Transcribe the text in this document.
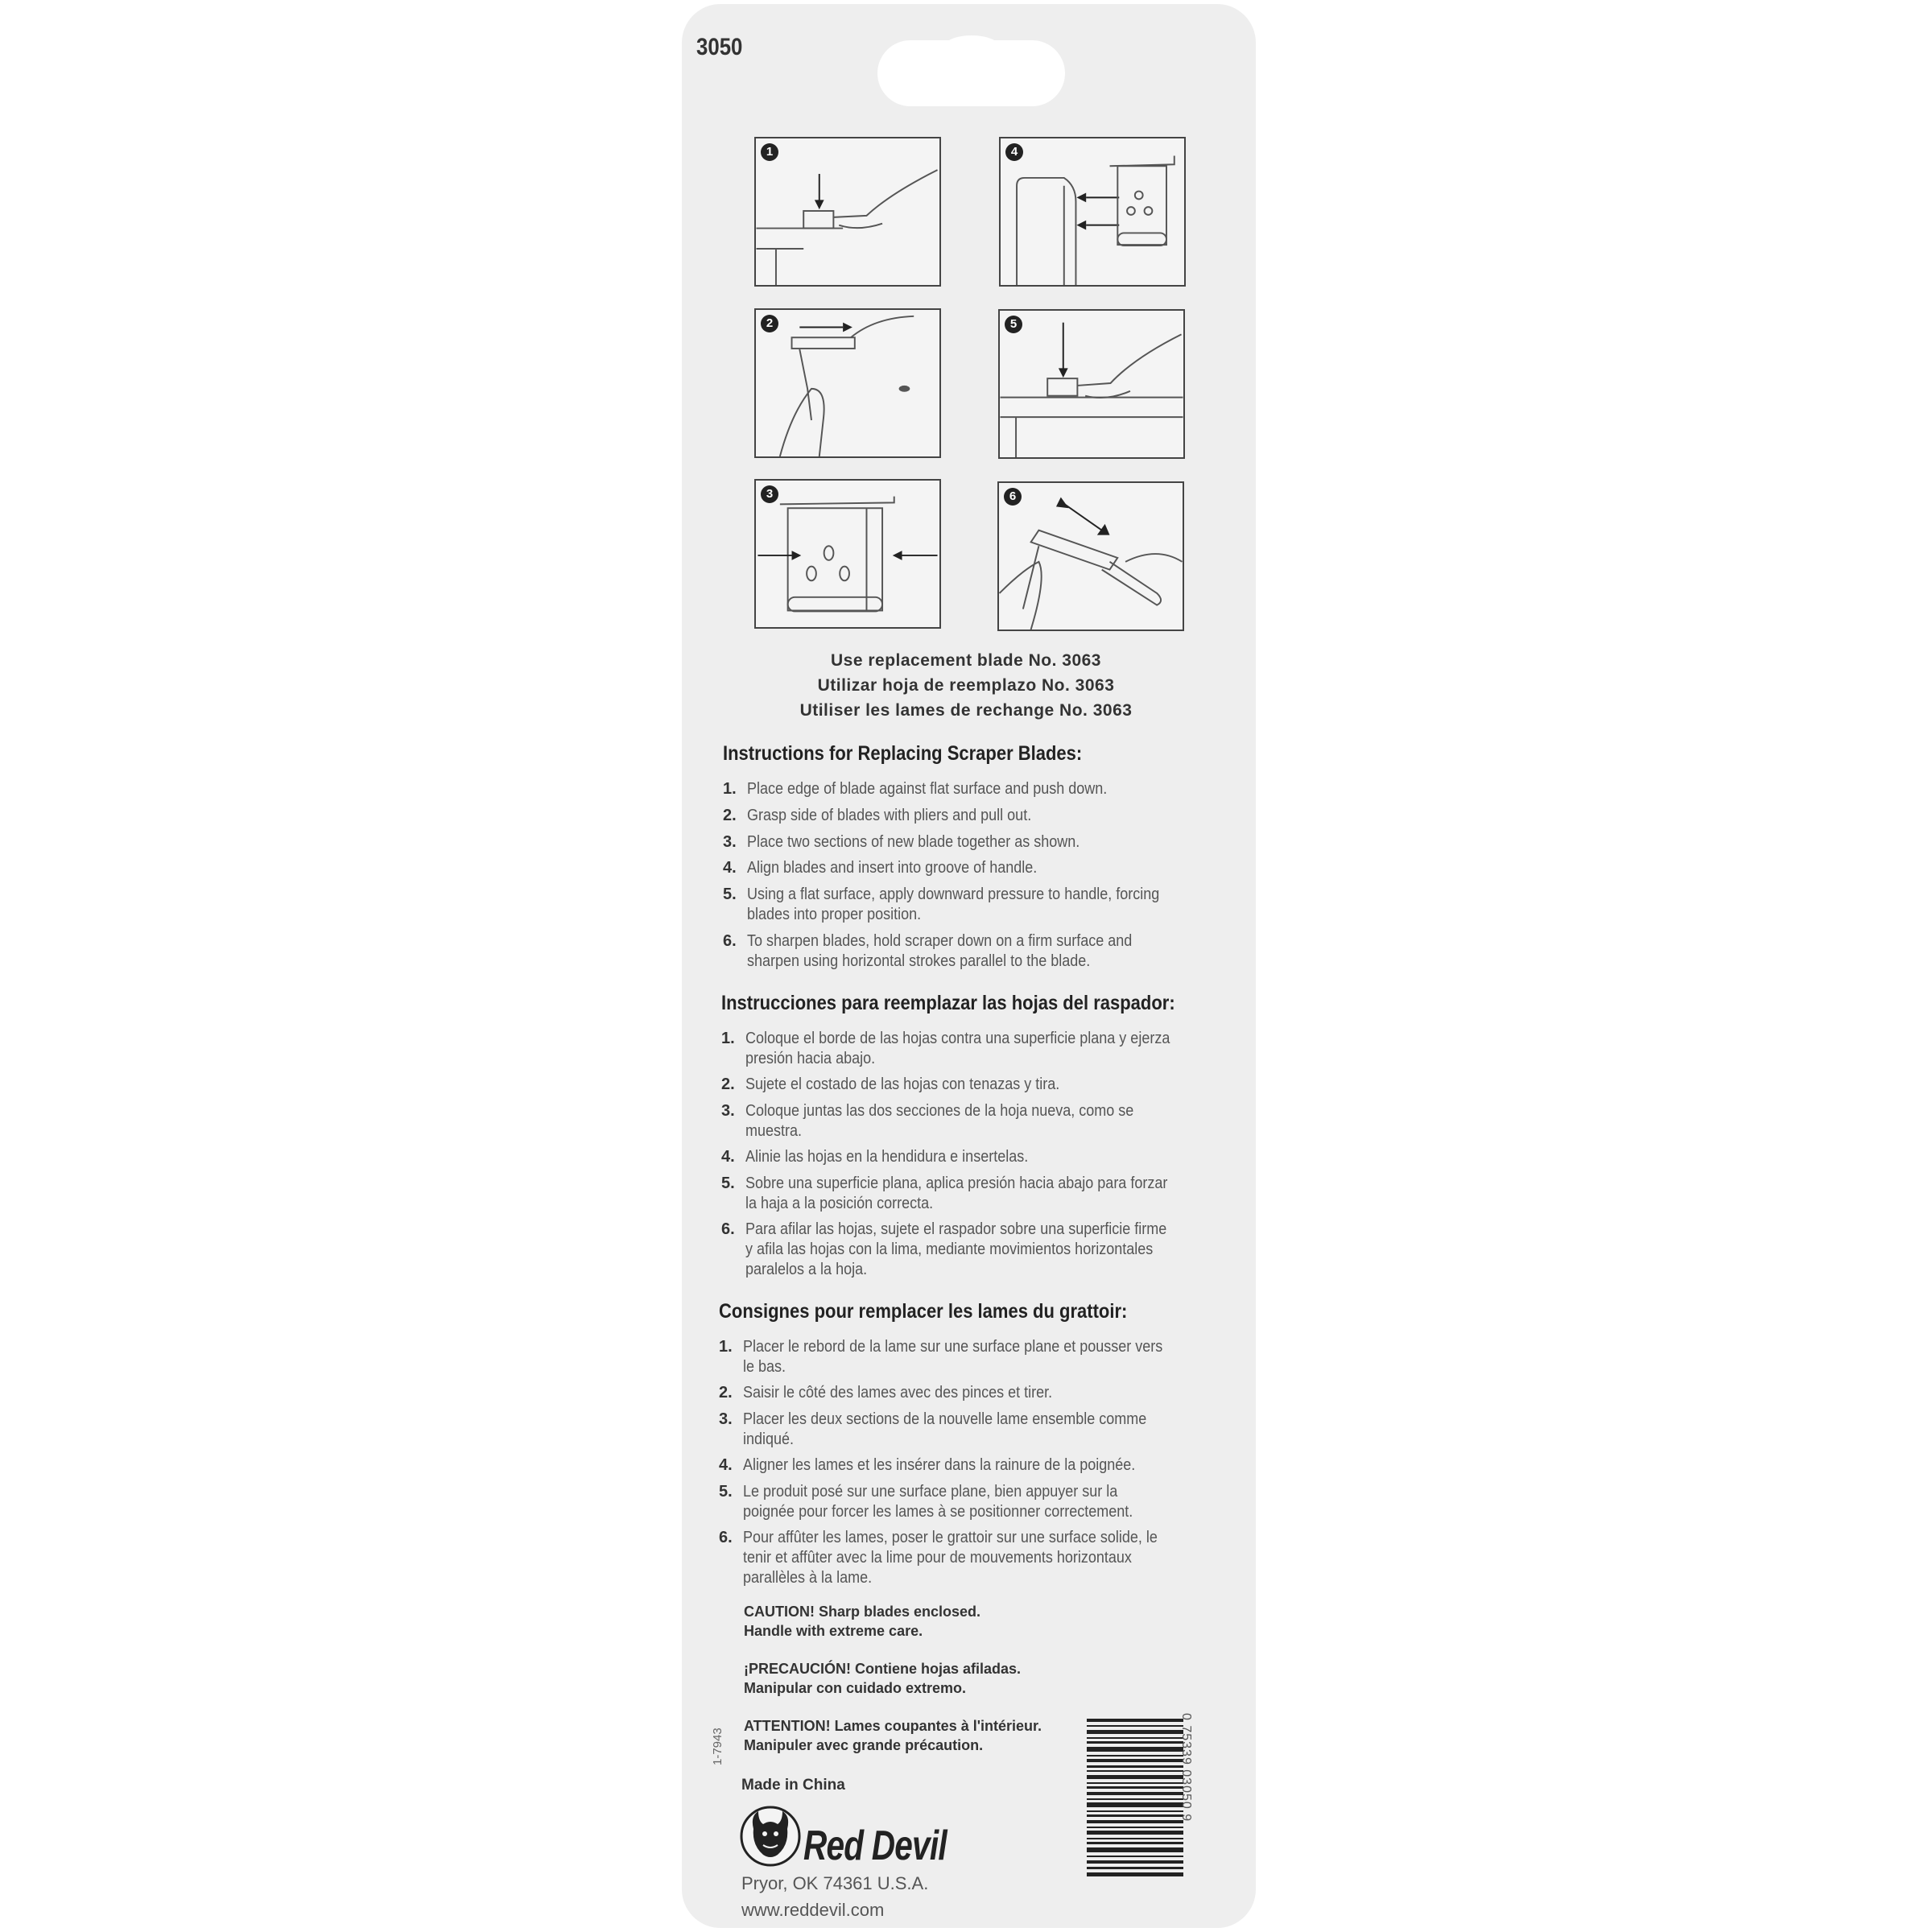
3050
1
2
3
4
5
6
Use replacement blade No. 3063
Utilizar hoja de reemplazo No. 3063
Utiliser les lames de rechange No. 3063
Instructions for Replacing Scraper Blades:
1. Place edge of blade against flat surface and push down.
2. Grasp side of blades with pliers and pull out.
3. Place two sections of new blade together as shown.
4. Align blades and insert into groove of handle.
5. Using a flat surface, apply downward pressure to handle, forcing blades into proper position.
6. To sharpen blades, hold scraper down on a firm surface and sharpen using horizontal strokes parallel to the blade.
Instrucciones para reemplazar las hojas del raspador:
1. Coloque el borde de las hojas contra una superficie plana y ejerza presión hacia abajo.
2. Sujete el costado de las hojas con tenazas y tira.
3. Coloque juntas las dos secciones de la hoja nueva, como se muestra.
4. Alinie las hojas en la hendidura e insertelas.
5. Sobre una superficie plana, aplica presión hacia abajo para forzar la haja a la posición correcta.
6. Para afilar las hojas, sujete el raspador sobre una superficie firme y afila las hojas con la lima, mediante movimientos horizontales paralelos a la hoja.
Consignes pour remplacer les lames du grattoir:
1. Placer le rebord de la lame sur une surface plane et pousser vers le bas.
2. Saisir le côté des lames avec des pinces et tirer.
3. Placer les deux sections de la nouvelle lame ensemble comme indiqué.
4. Aligner les lames et les insérer dans la rainure de la poignée.
5. Le produit posé sur une surface plane, bien appuyer sur la poignée pour forcer les lames à se positionner correctement.
6. Pour affûter les lames, poser le grattoir sur une surface solide, le tenir et affûter avec la lime pour de mouvements horizontaux parallèles à la lame.
CAUTION! Sharp blades enclosed.
Handle with extreme care.
¡PRECAUCIÓN! Contiene hojas afiladas.
Manipular con cuidado extremo.
ATTENTION! Lames coupantes à l'intérieur.
Manipuler avec grande précaution.
1-7943
Made in China
Red Devil
Pryor, OK 74361 U.S.A.
www.reddevil.com
0 75339 03050 9
